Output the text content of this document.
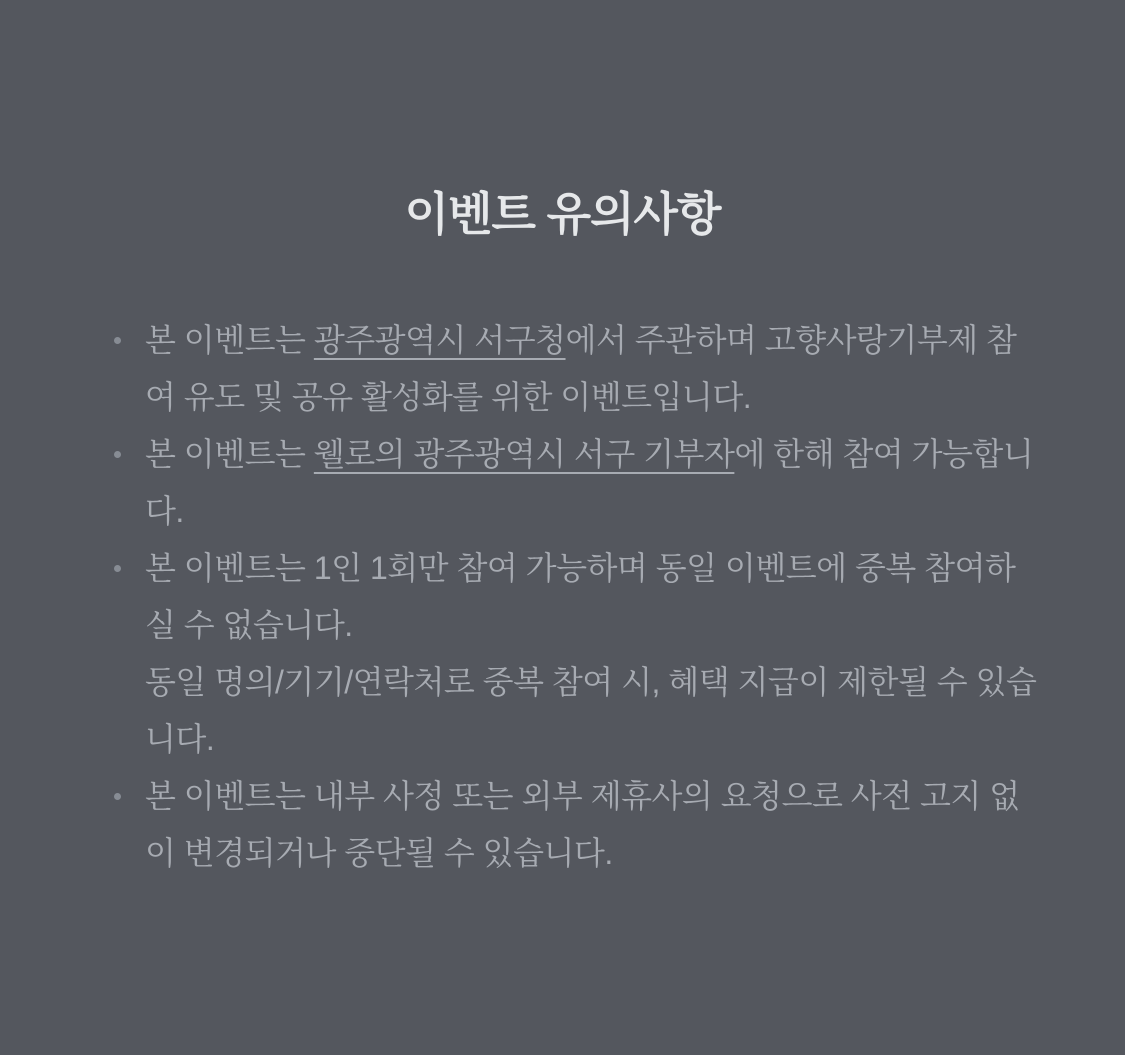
이벤트 유의사항
본 이벤트는 광주광역시 서구청에서 주관하며 고향사랑기부제 참여 유도 및 공유 활성화를 위한 이벤트입니다.
본 이벤트는 웰로의 광주광역시 서구 기부자에 한해 참여 가능합니다.
본 이벤트는 1인 1회만 참여 가능하며 동일 이벤트에 중복 참여하실 수 없습니다.
동일 명의/기기/연락처로 중복 참여 시, 혜택 지급이 제한될 수 있습니다.
본 이벤트는 내부 사정 또는 외부 제휴사의 요청으로 사전 고지 없이 변경되거나 중단될 수 있습니다.
